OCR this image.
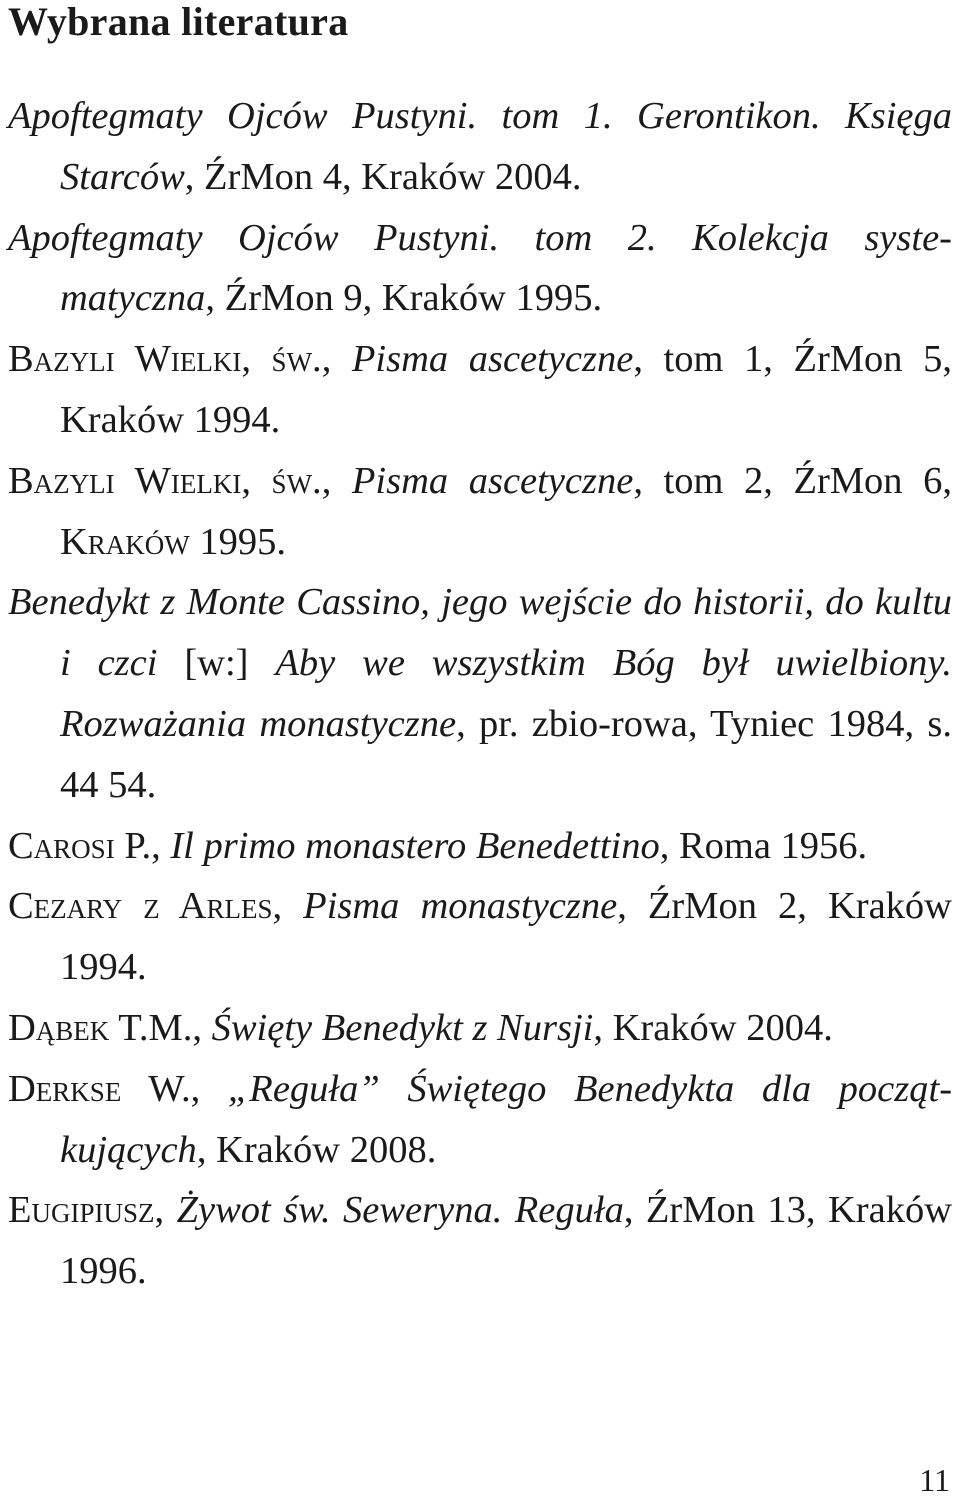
Wybrana literatura
Apoftegmaty Ojców Pustyni. tom 1. Gerontikon. Księga Starców, ŹrMon 4, Kraków 2004.
Apoftegmaty Ojców Pustyni. tom 2. Kolekcja syste-matyczna, ŹrMon 9, Kraków 1995.
Bazyli Wielki, św., Pisma ascetyczne, tom 1, ŹrMon 5, Kraków 1994.
Bazyli Wielki, św., Pisma ascetyczne, tom 2, ŹrMon 6, Kraków 1995.
Benedykt z Monte Cassino, jego wejście do historii, do kultu i czci [w:] Aby we wszystkim Bóg był uwielbiony. Rozważania monastyczne, pr. zbio-rowa, Tyniec 1984, s. 44 54.
Carosi P., Il primo monastero Benedettino, Roma 1956.
Cezary z Arles, Pisma monastyczne, ŹrMon 2, Kraków 1994.
Dąbek T.M., Święty Benedykt z Nursji, Kraków 2004.
Derkse W., „Reguła” Świętego Benedykta dla począt-kujących, Kraków 2008.
Eugipiusz, Żywot św. Seweryna. Reguła, ŹrMon 13, Kraków 1996.

11
